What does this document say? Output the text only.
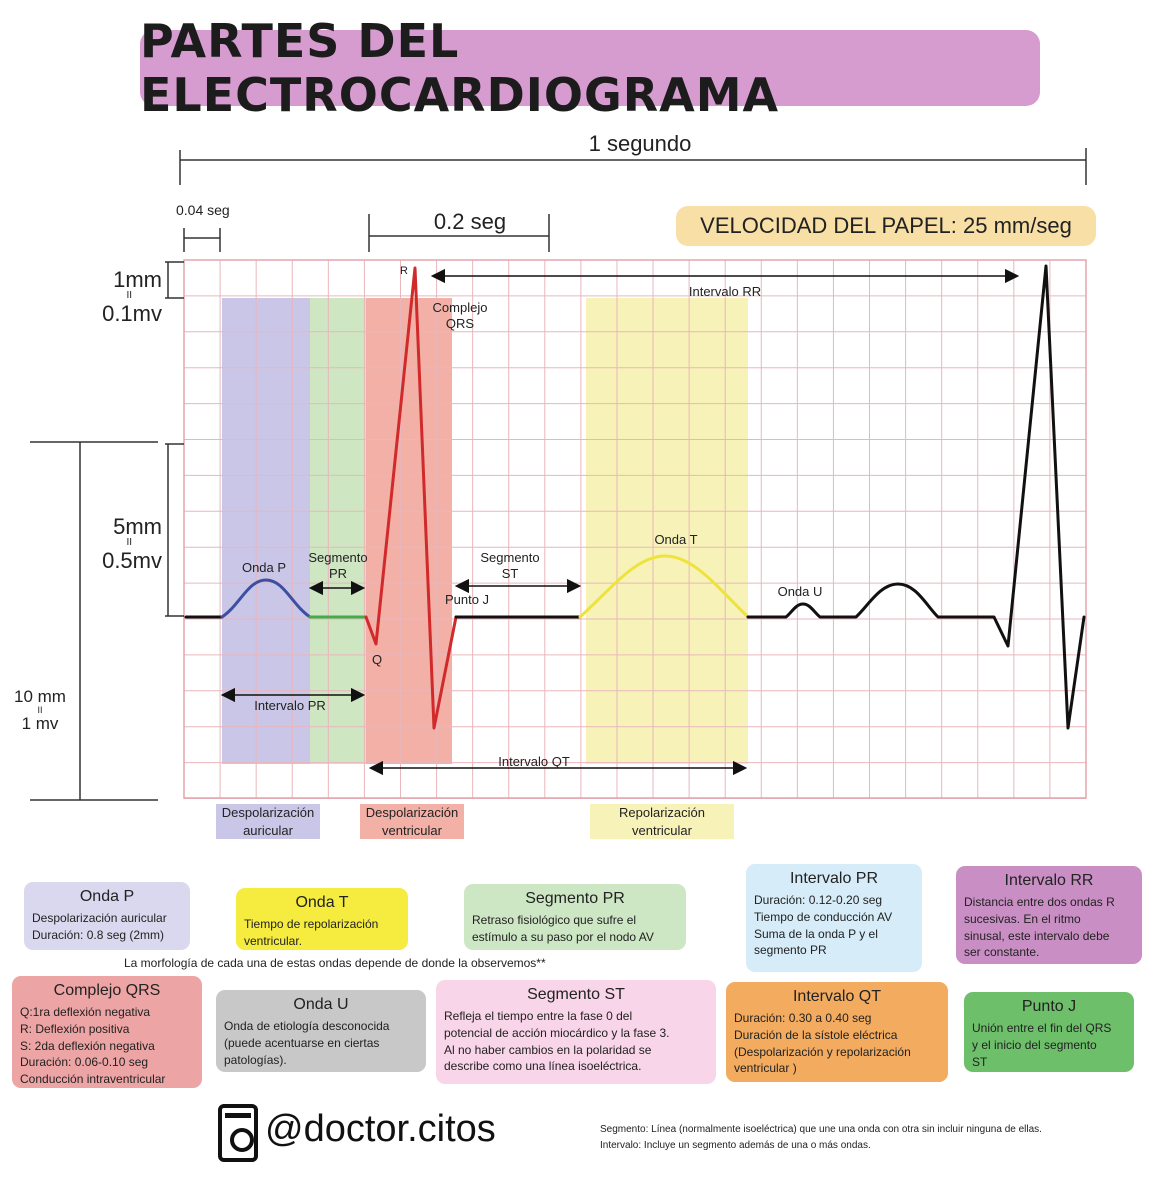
PARTES DEL ELECTROCARDIOGRAMA
1 segundo
0.04 seg	0.2 seg	VELOCIDAD DEL PAPEL: 25 mm/seg
1mm
II
0.1mv
5mm
II
0.5mv
10 mm
II
1 mv
R
Q
Complejo
QRS
Intervalo RR
Onda P
Segmento
PR
Segmento
ST
Punto J
Onda T
Onda U
Intervalo PR
Intervalo QT
Despolarización
auricular
Despolarización
ventricular
Repolarización
ventricular
Onda P

Despolarización auricular

Duración: 0.8 seg (2mm)

Onda T

Tiempo de repolarización

ventricular.

Segmento PR

Retraso fisiológico que sufre el

estímulo a su paso por el nodo AV

Intervalo PR

Duración: 0.12-0.20 seg

Tiempo de conducción AV

Suma de la onda P y el

segmento PR

Intervalo RR

Distancia entre dos ondas R

sucesivas. En el ritmo

sinusal, este intervalo debe

ser constante.

La morfología de cada una de estas ondas depende de donde la observemos**
Complejo QRS

Q:1ra deflexión negativa

R: Deflexión positiva

S: 2da deflexión negativa

Duración: 0.06-0.10 seg

Conducción intraventricular

Onda U

Onda de etiología desconocida

(puede acentuarse en ciertas

patologías).

Segmento ST

Refleja el tiempo entre la fase 0 del

potencial de acción miocárdico y la fase 3.

Al no haber cambios en la polaridad se

describe como una línea isoeléctrica.

Intervalo QT

Duración: 0.30 a 0.40 seg

Duración de la sístole eléctrica

(Despolarización y repolarización

ventricular )

Punto J

Unión entre el fin del QRS

y el inicio del segmento

ST

@doctor.citos	Segmento: Línea (normalmente isoeléctrica) que une una onda con otra sin incluir ninguna de ellas.
Intervalo: Incluye un segmento además de una o más ondas.
